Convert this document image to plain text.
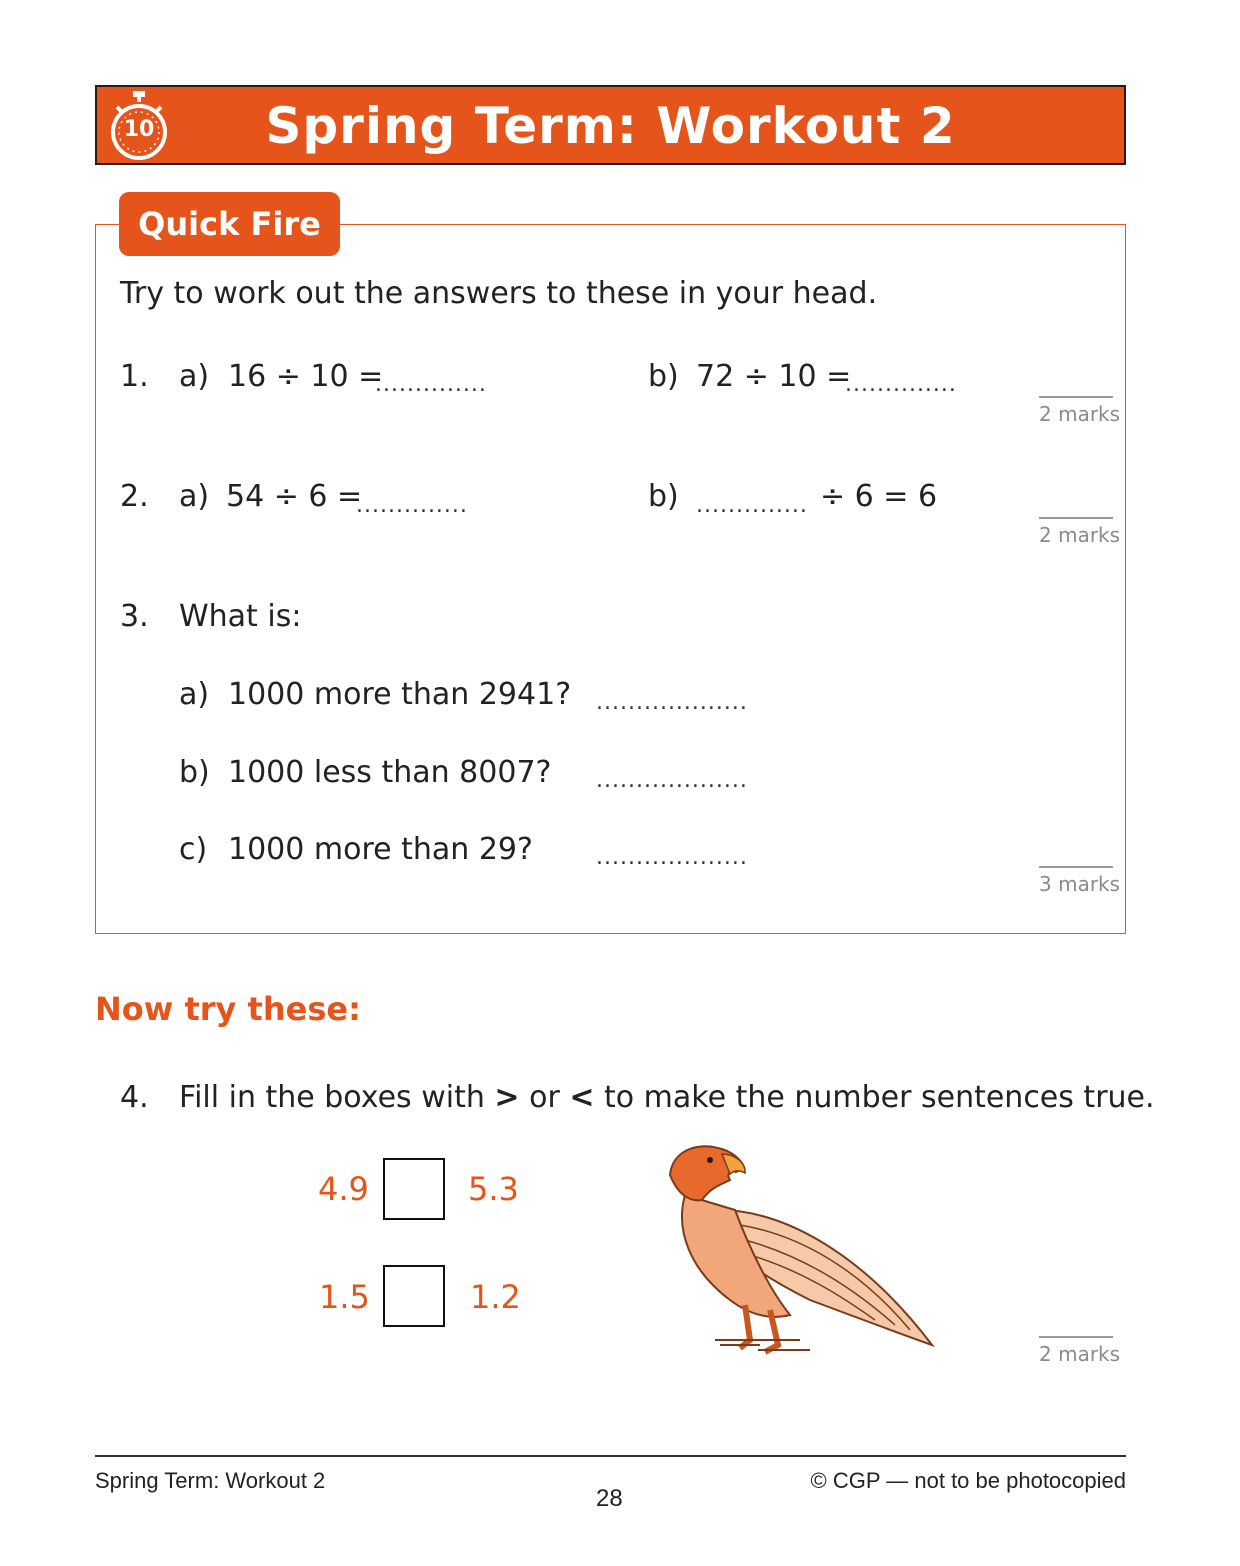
10	Spring Term: Workout 2
Quick Fire
Try to work out the answers to these in your head.
1. a) 16 ÷ 10 =
..............	b) 72 ÷ 10 =
..............
2 marks
2. a) 54 ÷ 6 =
..............	b) .............. ÷ 6 = 6
2 marks
3. What is:
a) 1000 more than 2941? ...................
b) 1000 less than 8007? ...................
c) 1000 more than 29?	...................
3 marks
Now try these:
4. Fill in the boxes with > or < to make the number sentences true.
4.9	5.3
1.5	1.2
2 marks
Spring Term: Workout 2
28
© CGP — not to be photocopied
